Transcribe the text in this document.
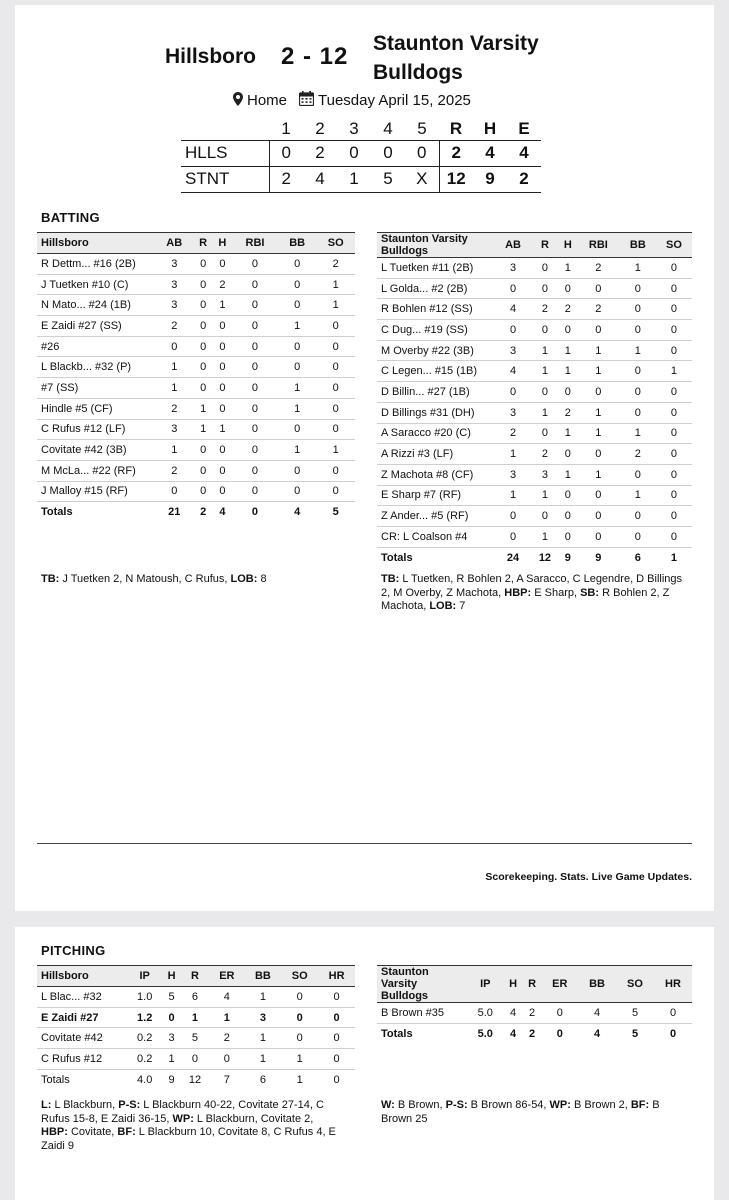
Hillsboro 2 - 12 Staunton Varsity Bulldogs
Home Tuesday April 15, 2025
	1	2	3	4	5	R	H	E
HLLS	0	2	0	0	0	2	4	4
STNT	2	4	1	5	X	12	9	2
BATTING
Hillsboro	AB	R	H	RBI	BB	SO
R Dettm... #16 (2B)	3	0	0	0	0	2
J Tuetken #10 (C)	3	0	2	0	0	1
N Mato... #24 (1B)	3	0	1	0	0	1
E Zaidi #27 (SS)	2	0	0	0	1	0
#26	0	0	0	0	0	0
L Blackb... #32 (P)	1	0	0	0	0	0
#7 (SS)	1	0	0	0	1	0
Hindle #5 (CF)	2	1	0	0	1	0
C Rufus #12 (LF)	3	1	1	0	0	0
Covitate #42 (3B)	1	0	0	0	1	1
M McLa... #22 (RF)	2	0	0	0	0	0
J Malloy #15 (RF)	0	0	0	0	0	0
Totals	21	2	4	0	4	5
Staunton Varsity Bulldogs	AB	R	H	RBI	BB	SO
L Tuetken #11 (2B)	3	0	1	2	1	0
L Golda... #2 (2B)	0	0	0	0	0	0
R Bohlen #12 (SS)	4	2	2	2	0	0
C Dug... #19 (SS)	0	0	0	0	0	0
M Overby #22 (3B)	3	1	1	1	1	0
C Legen... #15 (1B)	4	1	1	1	0	1
D Billin... #27 (1B)	0	0	0	0	0	0
D Billings #31 (DH)	3	1	2	1	0	0
A Saracco #20 (C)	2	0	1	1	1	0
A Rizzi #3 (LF)	1	2	0	0	2	0
Z Machota #8 (CF)	3	3	1	1	0	0
E Sharp #7 (RF)	1	1	0	0	1	0
Z Ander... #5 (RF)	0	0	0	0	0	0
CR: L Coalson #4	0	1	0	0	0	0
Totals	24	12	9	9	6	1
TB: J Tuetken 2, N Matoush, C Rufus, LOB: 8	TB: L Tuetken, R Bohlen 2, A Saracco, C Legendre, D Billings 2, M Overby, Z Machota, HBP: E Sharp, SB: R Bohlen 2, Z Machota, LOB: 7
Scorekeeping. Stats. Live Game Updates.
PITCHING
Hillsboro	IP	H	R	ER	BB	SO	HR
L Blac... #32	1.0	5	6	4	1	0	0
E Zaidi #27	1.2	0	1	1	3	0	0
Covitate #42	0.2	3	5	2	1	0	0
C Rufus #12	0.2	1	0	0	1	1	0
Totals	4.0	9	12	7	6	1	0
Staunton Varsity Bulldogs	IP	H	R	ER	BB	SO	HR
B Brown #35	5.0	4	2	0	4	5	0
Totals	5.0	4	2	0	4	5	0
L: L Blackburn, P-S: L Blackburn 40-22, Covitate 27-14, C Rufus 15-8, E Zaidi 36-15, WP: L Blackburn, Covitate 2, HBP: Covitate, BF: L Blackburn 10, Covitate 8, C Rufus 4, E Zaidi 9
W: B Brown, P-S: B Brown 86-54, WP: B Brown 2, BF: B Brown 25
